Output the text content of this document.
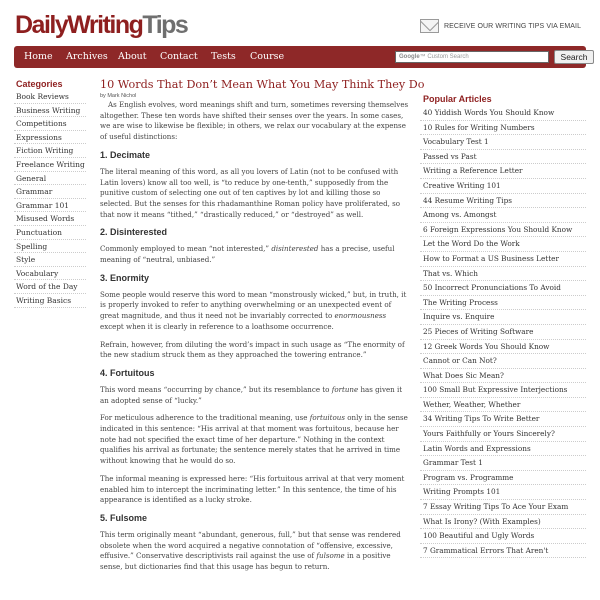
DailyWritingTips	RECEIVE OUR WRITING TIPS VIA EMAIL
Home Archives About Contact Tests Course	Google™ Custom Search	Search
Categories
Book Reviews
Business Writing
Competitions
Expressions
Fiction Writing
Freelance Writing
General
Grammar
Grammar 101
Misused Words
Punctuation
Spelling
Style
Vocabulary
Word of the Day
Writing Basics
10 Words That Don’t Mean What You May Think They Do
by Mark Nichol

As English evolves, word meanings shift and turn, sometimes reversing themselves altogether. These ten words have shifted their senses over the years. In some cases, we are wise to likewise be flexible; in others, we relax our vocabulary at the expense of useful distinctions:

1. Decimate

The literal meaning of this word, as all you lovers of Latin (not to be confused with Latin lovers) know all too well, is “to reduce by one-tenth,” supposedly from the punitive custom of selecting one out of ten captives by lot and killing those so selected. But the senses for this rhadamanthine Roman policy have proliferated, so that now it means “tithed,” “drastically reduced,” or “destroyed” as well.

2. Disinterested

Commonly employed to mean “not interested,” disinterested has a precise, useful meaning of “neutral, unbiased.”

3. Enormity

Some people would reserve this word to mean “monstrously wicked,” but, in truth, it is properly invoked to refer to anything overwhelming or an unexpected event of great magnitude, and thus it need not be invariably corrected to enormousness except when it is clearly in reference to a loathsome occurrence.

Refrain, however, from diluting the word’s impact in such usage as “The enormity of the new stadium struck them as they approached the towering entrance.”

4. Fortuitous

This word means “occurring by chance,” but its resemblance to fortune has given it an adopted sense of “lucky.”

For meticulous adherence to the traditional meaning, use fortuitous only in the sense indicated in this sentence: “His arrival at that moment was fortuitous, because her note had not specified the exact time of her departure.” Nothing in the context qualifies his arrival as fortunate; the sentence merely states that he arrived in time without knowing that he would do so.

The informal meaning is expressed here: “His fortuitous arrival at that very moment enabled him to intercept the incriminating letter.” In this sentence, the time of his appearance is identified as a lucky stroke.

5. Fulsome

This term originally meant “abundant, generous, full,” but that sense was rendered obsolete when the word acquired a negative connotation of “offensive, excessive, effusive.” Conservative descriptivists rail against the use of fulsome in a positive sense, but dictionaries find that this usage has begun to return.

Popular Articles
40 Yiddish Words You Should Know
10 Rules for Writing Numbers
Vocabulary Test 1
Passed vs Past
Writing a Reference Letter
Creative Writing 101
44 Resume Writing Tips
Among vs. Amongst
6 Foreign Expressions You Should Know
Let the Word Do the Work
How to Format a US Business Letter
That vs. Which
50 Incorrect Pronunciations To Avoid
The Writing Process
Inquire vs. Enquire
25 Pieces of Writing Software
12 Greek Words You Should Know
Cannot or Can Not?
What Does Sic Mean?
100 Small But Expressive Interjections
Wether, Weather, Whether
34 Writing Tips To Write Better
Yours Faithfully or Yours Sincerely?
Latin Words and Expressions
Grammar Test 1
Program vs. Programme
Writing Prompts 101
7 Essay Writing Tips To Ace Your Exam
What Is Irony? (With Examples)
100 Beautiful and Ugly Words
7 Grammatical Errors That Aren't
